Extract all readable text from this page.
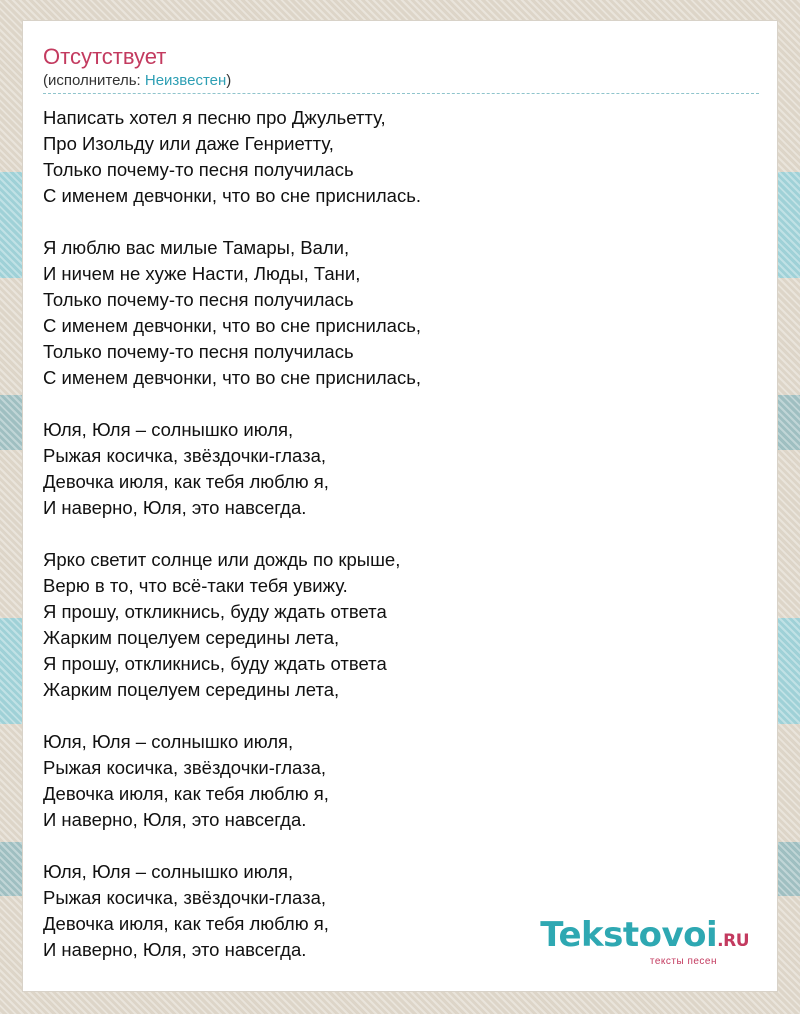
Отсутствует
(исполнитель: Неизвестен)
Написать хотел я песню про Джульетту,
Про Изольду или даже Генриетту,
Только почему-то песня получилась
С именем девчонки, что во сне приснилась.
Я люблю вас милые Тамары, Вали,
И ничем не хуже Насти, Люды, Тани,
Только почему-то песня получилась
С именем девчонки, что во сне приснилась,
Только почему-то песня получилась
С именем девчонки, что во сне приснилась,
Юля, Юля – солнышко июля,
Рыжая косичка, звёздочки-глаза,
Девочка июля, как тебя люблю я,
И наверно, Юля, это навсегда.
Ярко светит солнце или дождь по крыше,
Верю в то, что всё-таки тебя увижу.
Я прошу, откликнись, буду ждать ответа
Жарким поцелуем середины лета,
Я прошу, откликнись, буду ждать ответа
Жарким поцелуем середины лета,
Юля, Юля – солнышко июля,
Рыжая косичка, звёздочки-глаза,
Девочка июля, как тебя люблю я,
И наверно, Юля, это навсегда.
Юля, Юля – солнышко июля,
Рыжая косичка, звёздочки-глаза,
Девочка июля, как тебя люблю я,
И наверно, Юля, это навсегда.	Tekstovoi.RU
тексты песен
